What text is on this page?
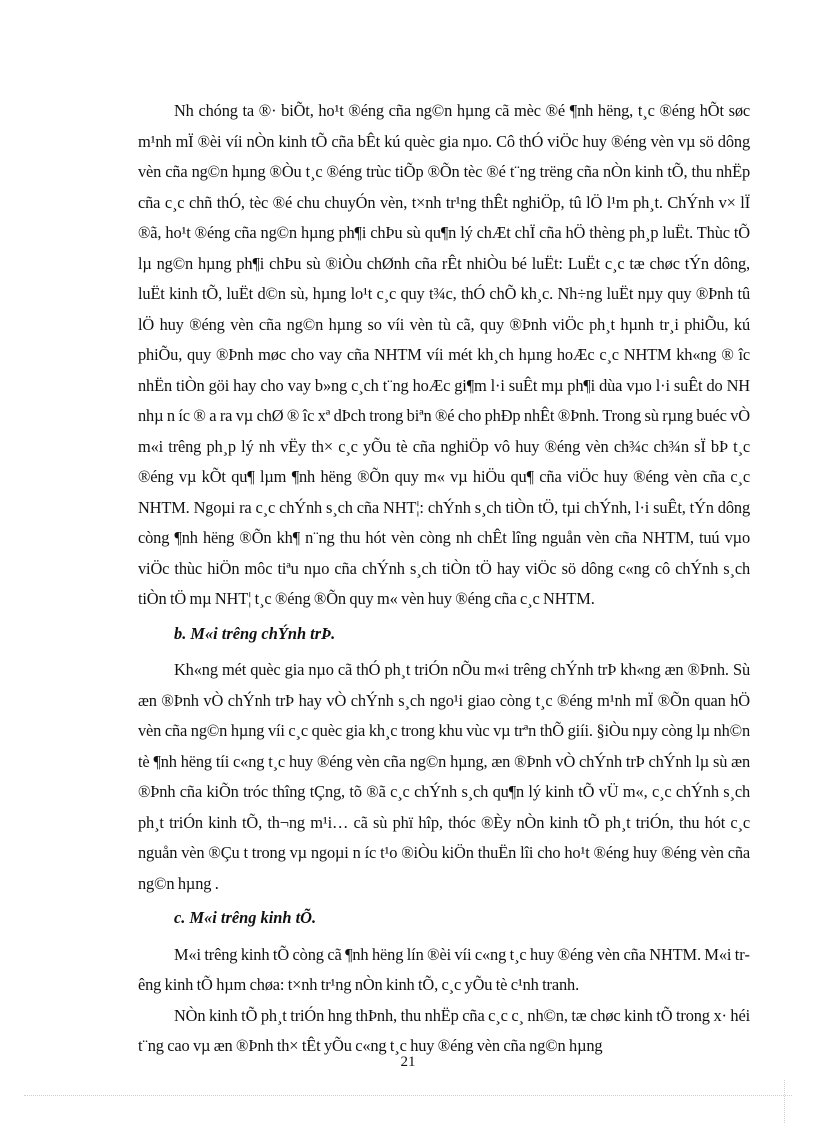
Nh chóng ta ®· biÕt, ho¹t ®éng cña ng©n hµng cã mèc ®é ¶nh hëng, t¸c ®éng hÕt søc m¹nh mÏ ®èi víi nÒn kinh tÕ cña bÊt kú quèc gia nµo. Cô thÓ viÖc huy ®éng vèn vµ sö dông vèn cña ng©n hµng ®Òu t¸c ®éng trùc tiÕp ®Õn tèc ®é t¨ng trëng cña nÒn kinh tÕ, thu nhËp cña c¸c chñ thÓ, tèc ®é chu chuyÓn vèn, t×nh tr¹ng thÊt nghiÖp, tû lÖ l¹m ph¸t. ChÝnh v× lÏ ®ã, ho¹t ®éng cña ng©n hµng ph¶i chÞu sù qu¶n lý chÆt chÏ cña hÖ thèng ph¸p luËt. Thùc tÕ lµ ng©n hµng ph¶i chÞu sù ®iÒu chØnh cña rÊt nhiÒu bé luËt: LuËt c¸c tæ chøc tÝn dông, luËt kinh tÕ, luËt d©n sù, hµng lo¹t c¸c quy t¾c, thÓ chÕ kh¸c. Nh÷ng luËt nµy quy ®Þnh tû lÖ huy ®éng vèn cña ng©n hµng so víi vèn tù cã, quy ®Þnh viÖc ph¸t hµnh tr¸i phiÕu, kú phiÕu, quy ®Þnh møc cho vay cña NHTM víi mét kh¸ch hµng hoÆc c¸c NHTM kh«ng ® îc nhËn tiÒn göi hay cho vay b»ng c¸ch t¨ng hoÆc gi¶m l·i suÊt mµ ph¶i dùa vµo l·i suÊt do NH nhµ n íc ® a ra vµ chØ ® îc xª dÞch trong biªn ®é cho phÐp nhÊt ®Þnh. Trong sù rµng buéc vÒ m«i trêng ph¸p lý nh vËy th× c¸c yÕu tè cña nghiÖp vô huy ®éng vèn ch¾c ch¾n sÏ bÞ t¸c ®éng vµ kÕt qu¶ lµm ¶nh hëng ®Õn quy m« vµ hiÖu qu¶ cña viÖc huy ®éng vèn cña c¸c NHTM. Ngoµi ra c¸c chÝnh s¸ch cña NHT¦: chÝnh s¸ch tiÒn tÖ, tµi chÝnh, l·i suÊt, tÝn dông còng ¶nh hëng ®Õn kh¶ n¨ng thu hót vèn còng nh chÊt lîng nguån vèn cña NHTM, tuú vµo viÖc thùc hiÖn môc tiªu nµo cña chÝnh s¸ch tiÒn tÖ hay viÖc sö dông c«ng cô chÝnh s¸ch tiÒn tÖ mµ NHT¦ t¸c ®éng ®Õn quy m« vèn huy ®éng cña c¸c NHTM.

b. M«i trêng chÝnh trÞ.

Kh«ng mét quèc gia nµo cã thÓ ph¸t triÓn nÕu m«i trêng chÝnh trÞ kh«ng æn ®Þnh. Sù æn ®Þnh vÒ chÝnh trÞ hay vÒ chÝnh s¸ch ngo¹i giao còng t¸c ®éng m¹nh mÏ ®Õn quan hÖ vèn cña ng©n hµng víi c¸c quèc gia kh¸c trong khu vùc vµ trªn thÕ giíi. §iÒu nµy còng lµ nh©n tè ¶nh hëng tíi c«ng t¸c huy ®éng vèn cña ng©n hµng, æn ®Þnh vÒ chÝnh trÞ chÝnh lµ sù æn ®Þnh cña kiÕn tróc thîng tÇng, tõ ®ã c¸c chÝnh s¸ch qu¶n lý kinh tÕ vÜ m«, c¸c chÝnh s¸ch ph¸t triÓn kinh tÕ, th¬ng m¹i… cã sù phï hîp, thóc ®Èy nÒn kinh tÕ ph¸t triÓn, thu hót c¸c nguån vèn ®Çu t trong vµ ngoµi n íc t¹o ®iÒu kiÖn thuËn lîi cho ho¹t ®éng huy ®éng vèn cña ng©n hµng .

c. M«i trêng kinh tÕ.

M«i trêng kinh tÕ còng cã ¶nh hëng lín ®èi víi c«ng t¸c huy ®éng vèn cña NHTM. M«i trêng kinh tÕ hµm chøa: t×nh tr¹ng nÒn kinh tÕ, c¸c yÕu tè c¹nh tranh.

NÒn kinh tÕ ph¸t triÓn hng thÞnh, thu nhËp cña c¸c c¸ nh©n, tæ chøc kinh tÕ trong x· héi t¨ng cao vµ æn ®Þnh th× tÊt yÕu c«ng t¸c huy ®éng vèn cña ng©n hµng

21
